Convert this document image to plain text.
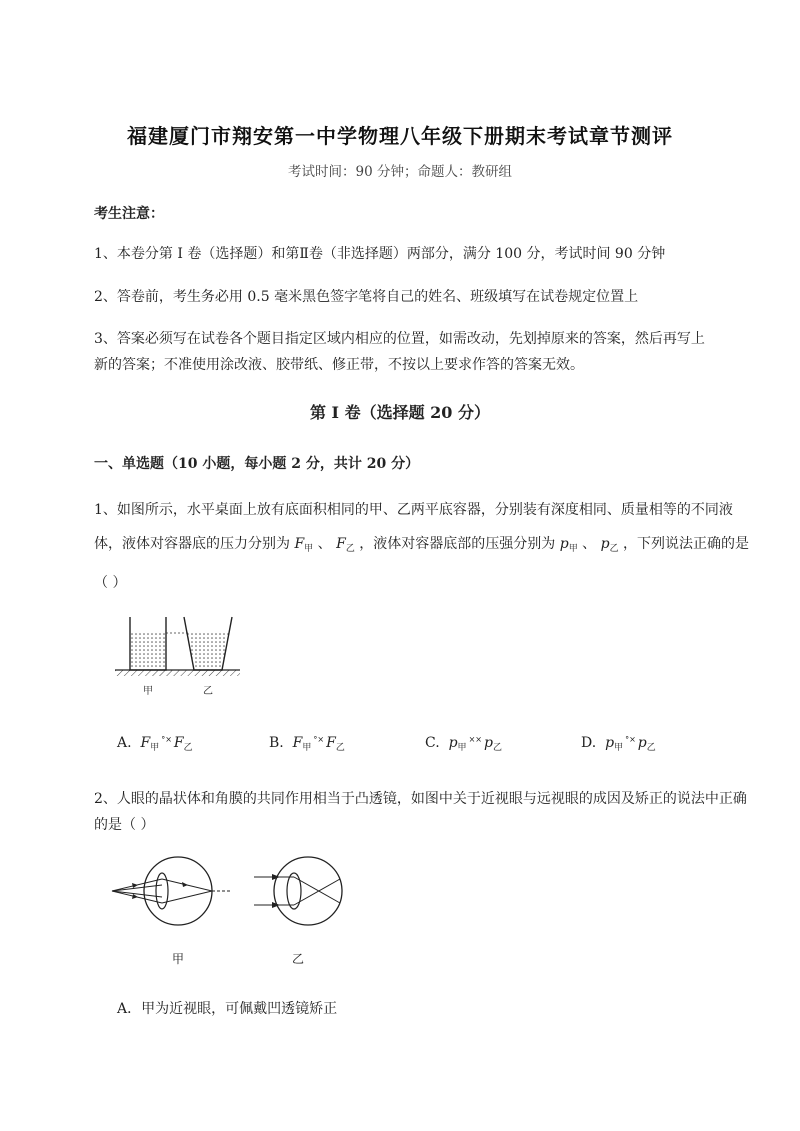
福建厦门市翔安第一中学物理八年级下册期末考试章节测评
考试时间：90 分钟；命题人：教研组
考生注意：
1、本卷分第 I 卷（选择题）和第Ⅱ卷（非选择题）两部分，满分 100 分，考试时间 90 分钟
2、答卷前，考生务必用 0.5 毫米黑色签字笔将自己的姓名、班级填写在试卷规定位置上
3、答案必须写在试卷各个题目指定区域内相应的位置，如需改动，先划掉原来的答案，然后再写上新的答案；不准使用涂改液、胶带纸、修正带，不按以上要求作答的答案无效。
第 I 卷（选择题 20 分）
一、单选题（10 小题，每小题 2 分，共计 20 分）
1、如图所示，水平桌面上放有底面积相同的甲、乙两平底容器，分别装有深度相同、质量相等的不同液体，液体对容器底的压力分别为 $F_甲$ 、 $F_乙$ ，液体对容器底部的压强分别为 $p_甲$ 、 $p_乙$ ，下列说法正确的是（ ）
甲	乙
A. $F_甲^{^\circ\times}$ $F_乙$	B. $F_甲^{^\circ\times}$ $F_乙$	C. $p_甲^{\times\times}$ $p_乙$	D. $p_甲^{^\circ\times}$ $p_乙$
2、人眼的晶状体和角膜的共同作用相当于凸透镜，如图中关于近视眼与远视眼的成因及矫正的说法中正确的是（ ）
甲	乙
A．甲为近视眼，可佩戴凹透镜矫正
